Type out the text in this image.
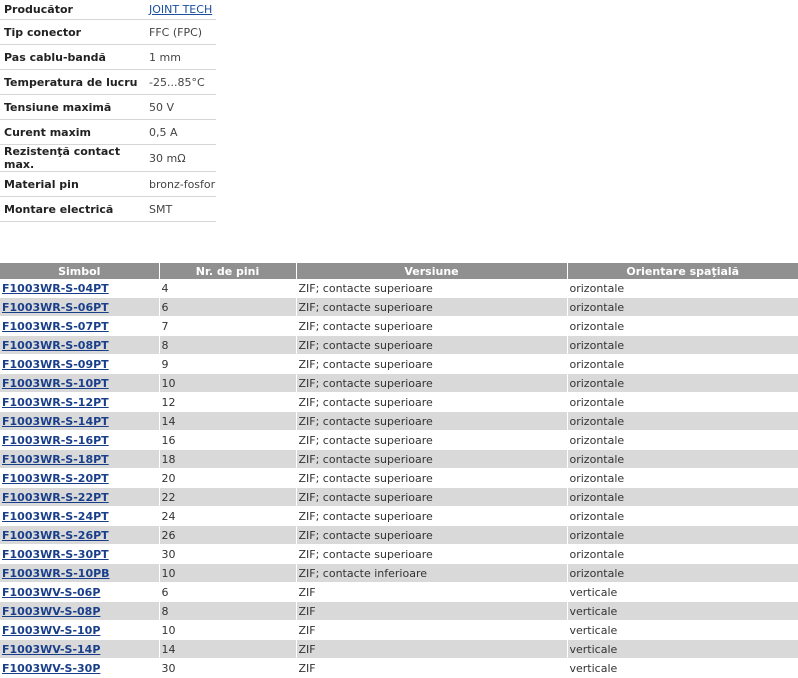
Producător	JOINT TECH
Tip conector	FFC (FPC)
Pas cablu-bandă	1 mm
Temperatura de lucru	-25...85°C
Tensiune maximă	50 V
Curent maxim	0,5 A
Rezistenţă contact max.	30 mΩ
Material pin	bronz-fosfor
Montare electrică	SMT
Simbol	Nr. de pini	Versiune	Orientare spaţială
F1003WR-S-04PT	4	ZIF; contacte superioare	orizontale
F1003WR-S-06PT	6	ZIF; contacte superioare	orizontale
F1003WR-S-07PT	7	ZIF; contacte superioare	orizontale
F1003WR-S-08PT	8	ZIF; contacte superioare	orizontale
F1003WR-S-09PT	9	ZIF; contacte superioare	orizontale
F1003WR-S-10PT	10	ZIF; contacte superioare	orizontale
F1003WR-S-12PT	12	ZIF; contacte superioare	orizontale
F1003WR-S-14PT	14	ZIF; contacte superioare	orizontale
F1003WR-S-16PT	16	ZIF; contacte superioare	orizontale
F1003WR-S-18PT	18	ZIF; contacte superioare	orizontale
F1003WR-S-20PT	20	ZIF; contacte superioare	orizontale
F1003WR-S-22PT	22	ZIF; contacte superioare	orizontale
F1003WR-S-24PT	24	ZIF; contacte superioare	orizontale
F1003WR-S-26PT	26	ZIF; contacte superioare	orizontale
F1003WR-S-30PT	30	ZIF; contacte superioare	orizontale
F1003WR-S-10PB	10	ZIF; contacte inferioare	orizontale
F1003WV-S-06P	6	ZIF	verticale
F1003WV-S-08P	8	ZIF	verticale
F1003WV-S-10P	10	ZIF	verticale
F1003WV-S-14P	14	ZIF	verticale
F1003WV-S-30P	30	ZIF	verticale
